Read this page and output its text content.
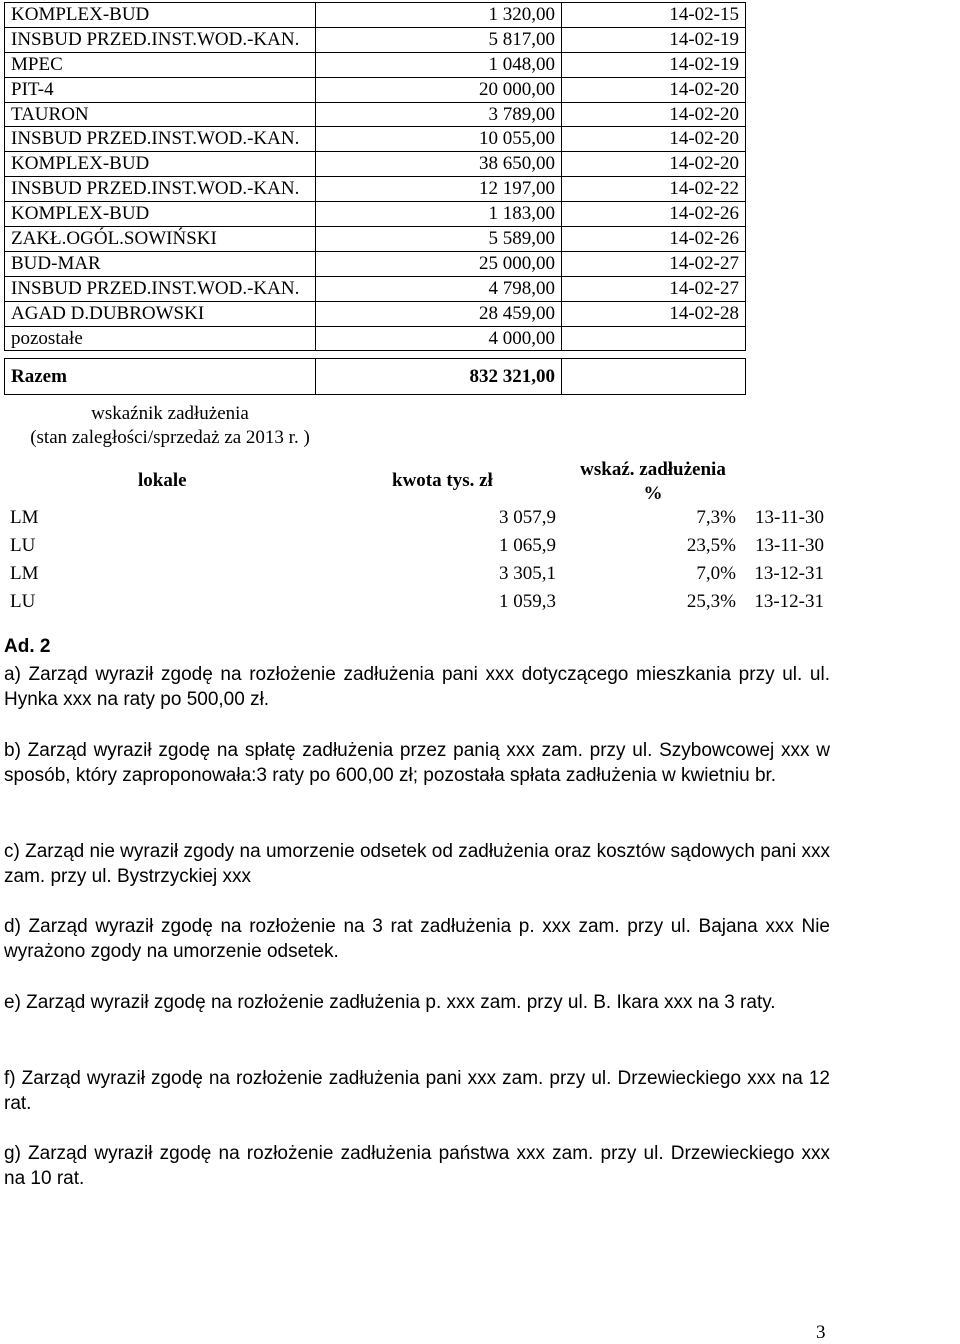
KOMPLEX-BUD	1 320,00	14-02-15
INSBUD PRZED.INST.WOD.-KAN.	5 817,00	14-02-19
MPEC	1 048,00	14-02-19
PIT-4	20 000,00	14-02-20
TAURON	3 789,00	14-02-20
INSBUD PRZED.INST.WOD.-KAN.	10 055,00	14-02-20
KOMPLEX-BUD	38 650,00	14-02-20
INSBUD PRZED.INST.WOD.-KAN.	12 197,00	14-02-22
KOMPLEX-BUD	1 183,00	14-02-26
ZAKŁ.OGÓL.SOWIŃSKI	5 589,00	14-02-26
BUD-MAR	25 000,00	14-02-27
INSBUD PRZED.INST.WOD.-KAN.	4 798,00	14-02-27
AGAD D.DUBROWSKI	28 459,00	14-02-28
pozostałe	4 000,00	

Razem	832 321,00	
wskaźnik zadłużenia
(stan zaległości/sprzedaż za 2013 r. )
lokale	kwota tys. zł
wskaź. zadłużenia
%
LM	3 057,9	7,3% 13-11-30
LU	1 065,9	23,5% 13-11-30
LM	3 305,1	7,0% 13-12-31
LU	1 059,3	25,3% 13-12-31
Ad. 2
a) Zarząd wyraził zgodę na rozłożenie zadłużenia pani xxx dotyczącego mieszkania przy ul. ul. Hynka xxx na raty po 500,00 zł.
b) Zarząd wyraził zgodę na spłatę zadłużenia przez panią xxx zam. przy ul. Szybowcowej xxx w sposób, który zaproponowała:3 raty po 600,00 zł; pozostała spłata zadłużenia w kwietniu br.
c) Zarząd nie wyraził zgody na umorzenie odsetek od zadłużenia oraz kosztów sądowych pani xxx zam. przy ul. Bystrzyckiej xxx
d) Zarząd wyraził zgodę na rozłożenie na 3 rat zadłużenia p. xxx zam. przy ul. Bajana xxx Nie wyrażono zgody na umorzenie odsetek.
e) Zarząd wyraził zgodę na rozłożenie zadłużenia p. xxx zam. przy ul. B. Ikara xxx na 3 raty.
f) Zarząd wyraził zgodę na rozłożenie zadłużenia pani xxx zam. przy ul. Drzewieckiego xxx na 12 rat.
g) Zarząd wyraził zgodę na rozłożenie zadłużenia państwa xxx zam. przy ul. Drzewieckiego xxx na 10 rat.
3
